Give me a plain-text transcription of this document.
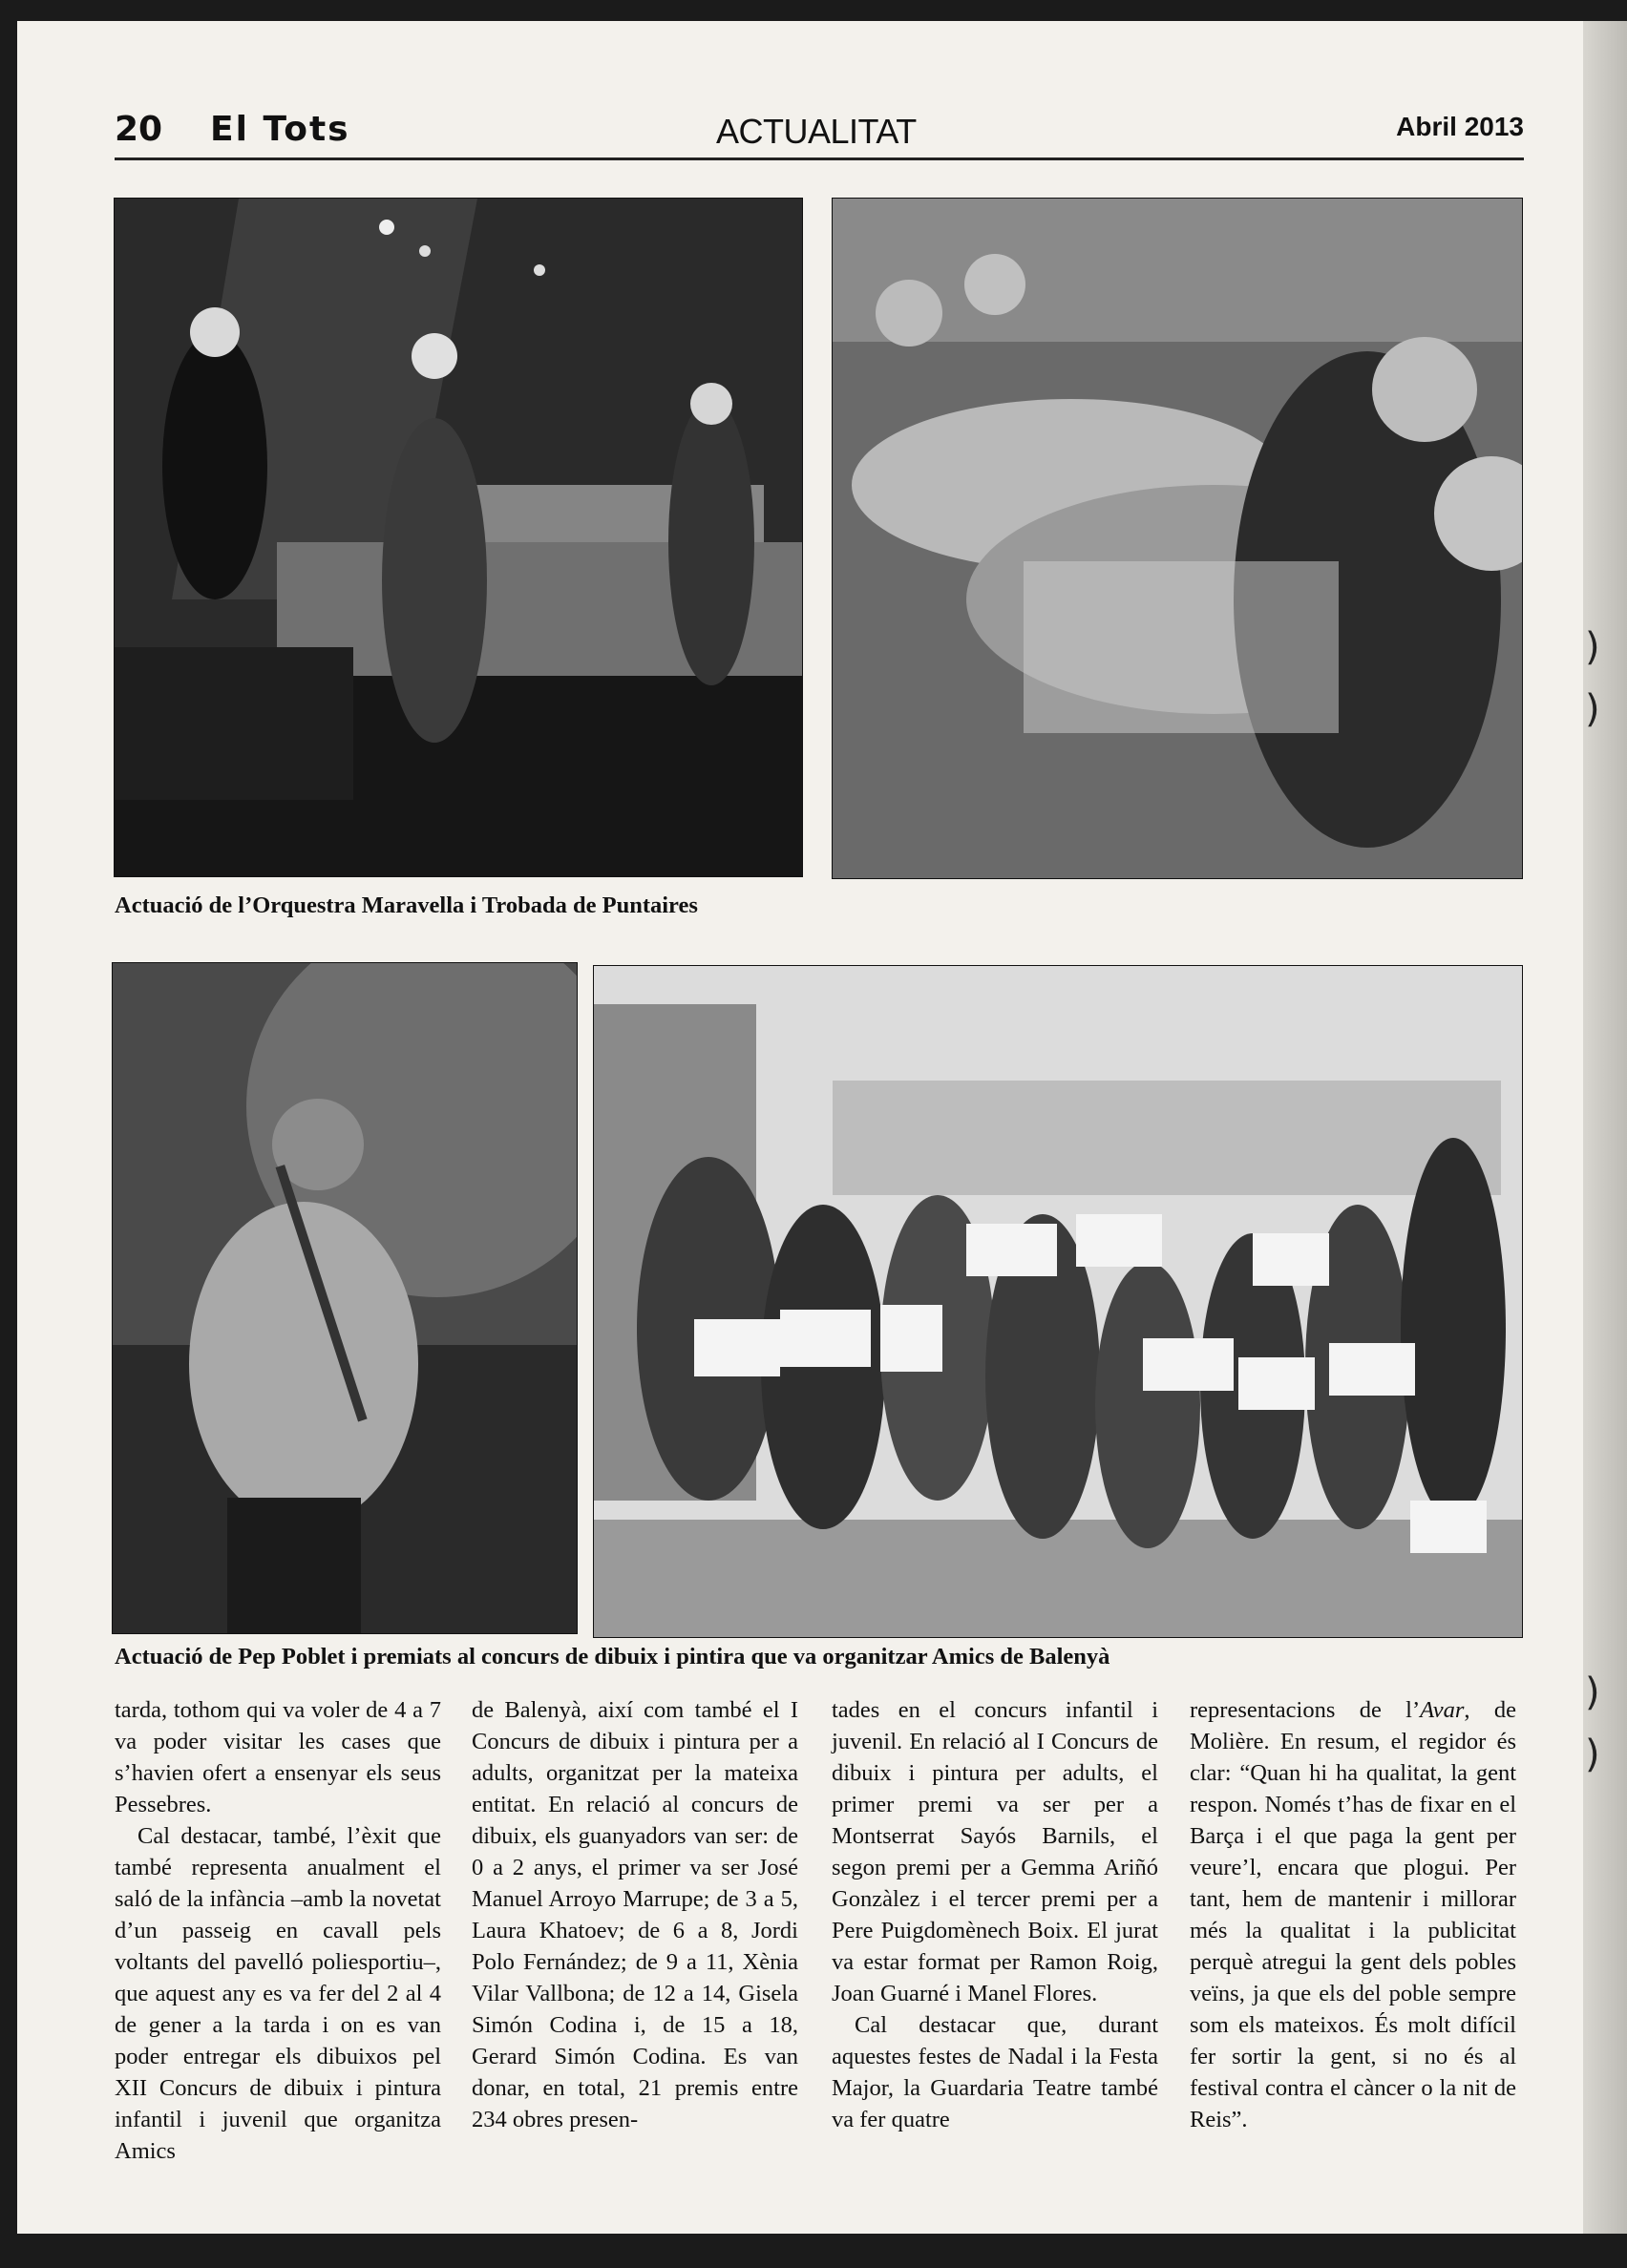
)
)
)
)
20 El Tots	ACTUALITAT	Abril 2013
Actuació de l’Orquestra Maravella i Trobada de Puntaires
Actuació de Pep Poblet i premiats al concurs de dibuix i pintira que va organitzar Amics de Balenyà

tarda, tothom qui va voler de 4 a 7 va poder visitar les cases que s’havien ofert a ensenyar els seus Pessebres.

Cal destacar, també, l’èxit que també representa anualment el saló de la infància –amb la novetat d’un passeig en cavall pels voltants del pavelló poliesportiu–, que aquest any es va fer del 2 al 4 de gener a la tarda i on es van poder entregar els dibuixos pel XII Concurs de dibuix i pintura infantil i juvenil que organitza Amics

de Balenyà, així com també el I Concurs de dibuix i pintura per a adults, organitzat per la mateixa entitat. En relació al concurs de dibuix, els guanyadors van ser: de 0 a 2 anys, el primer va ser José Manuel Arroyo Marrupe; de 3 a 5, Laura Khatoev; de 6 a 8, Jordi Polo Fernández; de 9 a 11, Xènia Vilar Vallbona; de 12 a 14, Gisela Simón Codina i, de 15 a 18, Gerard Simón Codina. Es van donar, en total, 21 premis entre 234 obres presen-

tades en el concurs infantil i juvenil. En relació al I Concurs de dibuix i pintura per adults, el primer premi va ser per a Montserrat Sayós Barnils, el segon premi per a Gemma Ariñó Gonzàlez i el tercer premi per a Pere Puigdomènech Boix. El jurat va estar format per Ramon Roig, Joan Guarné i Manel Flores.

Cal destacar que, durant aquestes festes de Nadal i la Festa Major, la Guardaria Teatre també va fer quatre

representacions de l’Avar, de Molière. En resum, el regidor és clar: “Quan hi ha qualitat, la gent respon. Només t’has de fixar en el Barça i el que paga la gent per veure’l, encara que plogui. Per tant, hem de mantenir i millorar més la qualitat i la publicitat perquè atregui la gent dels pobles veïns, ja que els del poble sempre som els mateixos. És molt difícil fer sortir la gent, si no és al festival contra el càncer o la nit de Reis”.
